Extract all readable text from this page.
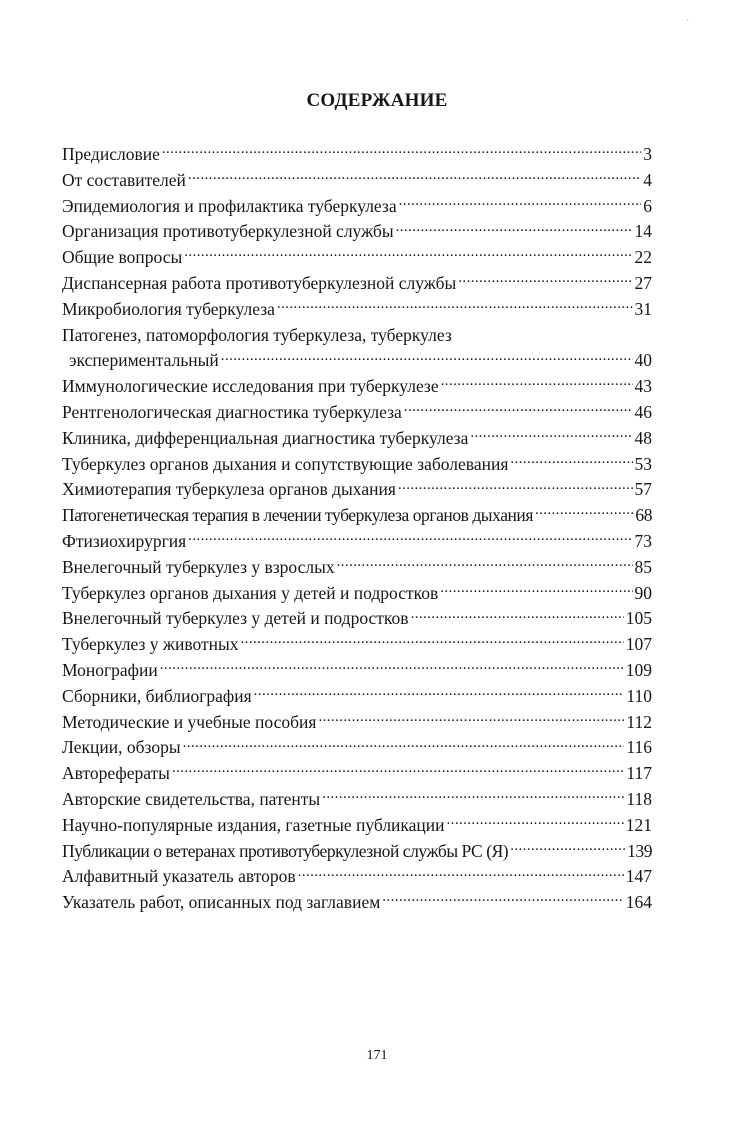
·
СОДЕРЖАНИЕ
Предисловие .....	3
От составителей .....	4
Эпидемиология и профилактика туберкулеза .....	6
Организация противотуберкулезной службы .....	14
Общие вопросы .....	22
Диспансерная работа противотуберкулезной службы .....	27
Микробиология туберкулеза .....	31
Патогенез, патоморфология туберкулеза, туберкулез
экспериментальный .....	40
Иммунологические исследования при туберкулезе .....	43
Рентгенологическая диагностика туберкулеза .....	46
Клиника, дифференциальная диагностика туберкулеза .....	48
Туберкулез органов дыхания и сопутствующие заболевания .....	53
Химиотерапия туберкулеза органов дыхания .....	57
Патогенетическая терапия в лечении туберкулеза органов дыхания .....	68
Фтизиохирургия .....	73
Внелегочный туберкулез у взрослых .....	85
Туберкулез органов дыхания у детей и подростков .....	90
Внелегочный туберкулез у детей и подростков .....	105
Туберкулез у животных .....	107
Монографии .....	109
Сборники, библиография .....	110
Методические и учебные пособия .....	112
Лекции, обзоры .....	116
Авторефераты .....	117
Авторские свидетельства, патенты .....	118
Научно-популярные издания, газетные публикации .....	121
Публикации о ветеранах противотуберкулезной службы РС (Я) .....	139
Алфавитный указатель авторов .....	147
Указатель работ, описанных под заглавием .....	164
171
